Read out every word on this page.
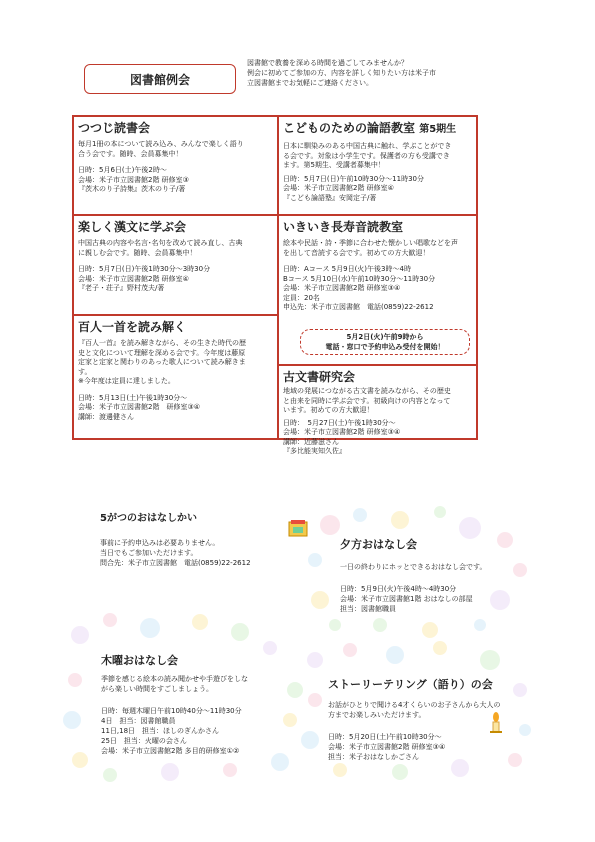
図書館例会
図書館で教養を深める時間を過ごしてみませんか？
例会に初めてご参加の方、内容を詳しく知りたい方は米子市
立図書館までお気軽にご連絡ください。
つつじ読書会

毎月1冊の本について読み込み、みんなで楽しく語り

合う会です。随時、会員募集中！

日時：5月6日(土)午後2時～

会場：米子市立図書館2階 研修室③

『茨木のり子詩集』茨木のり子/著

こどものための論語教室 第5期生

日本に馴染みのある中国古典に触れ、学ぶことができ

る会です。対象は小学生です。保護者の方も受講でき

ます。第5期生、受講者募集中！

日時：5月7日(日)午前10時30分～11時30分

会場：米子市立図書館2階 研修室④

『こども論語塾』安岡定子/著

楽しく漢文に学ぶ会

中国古典の内容や名言･名句を改めて読み直し、古典

に親しむ会です。随時、会員募集中！

日時：5月7日(日)午後1時30分～3時30分

会場：米子市立図書館2階 研修室④

『老子・荘子』野村茂夫/著

いきいき長寿音読教室

絵本や民話・詩・季節に合わせた懐かしい唱歌などを声

を出して音読する会です。初めての方大歓迎！

日時：Aコース 5月9日(火)午後3時～4時

Bコース 5月10日(水)午前10時30分～11時30分

会場：米子市立図書館2階 研修室③④

定員：20名

申込先：米子市立図書館　電話(0859)22-2612

百人一首を読み解く

『百人一首』を読み解きながら、その生きた時代の歴

史と文化について理解を深める会です。今年度は藤原

定家と定家と関わりのあった歌人について読み解きま

す。

※今年度は定員に達しました。

日時：5月13日(土)午後1時30分～

会場：米子市立図書館2階　研修室③④

講師：渡邊健さん

古文書研究会

地域の発展につながる古文書を読みながら、その歴史

と由来を同時に学ぶ会です。初級向けの内容となって

います。初めての方大歓迎！

日時：　5月27日(土)午後1時30分～

会場：米子市立図書館2階 研修室③④

講師：近藤滋さん

『多比能実知久佐』

5月2日(火)午前9時から
電話・窓口で予約申込み受付を開始！
5がつのおはなしかい

事前に予約申込みは必要ありません。

当日でもご参加いただけます。

問合先：米子市立図書館　電話(0859)22-2612

夕方おはなし会

一日の終わりにホッとできるおはなし会です。

日時：5月9日(火)午後4時～4時30分

会場：米子市立図書館1階 おはなしの部屋

担当：図書館職員

木曜おはなし会

季節を感じる絵本の読み聞かせや手遊びをしな

がら楽しい時間をすごしましょう。

日時：毎週木曜日午前10時40分～11時30分

4日　担当：図書館職員

11日,18日　担当：ほしのぎんかさん

25日　担当：火曜の会さん

会場：米子市立図書館2階 多目的研修室①②

ストーリーテリング（語り）の会

お話がひとりで聞ける4才くらいのお子さんから大人の

方までお楽しみいただけます。

日時：5月20日(土)午前10時30分～

会場：米子市立図書館2階 研修室③④

担当：米子おはなしかごさん
